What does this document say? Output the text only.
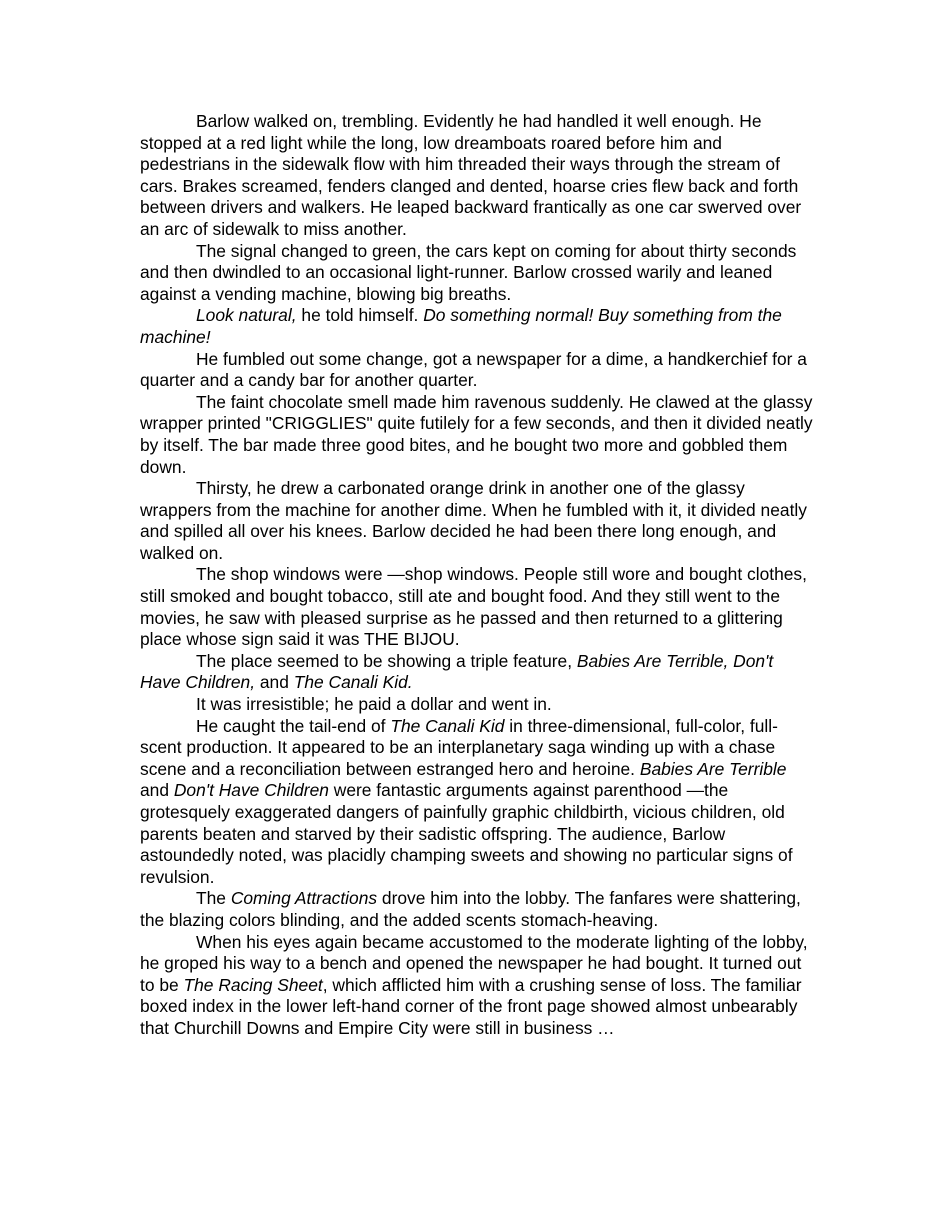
Barlow walked on, trembling. Evidently he had handled it well enough. He stopped at a red light while the long, low dreamboats roared before him and pedestrians in the sidewalk flow with him threaded their ways through the stream of cars. Brakes screamed, fenders clanged and dented, hoarse cries flew back and forth between drivers and walkers. He leaped backward frantically as one car swerved over an arc of sidewalk to miss another.

The signal changed to green, the cars kept on coming for about thirty seconds and then dwindled to an occasional light-runner. Barlow crossed warily and leaned against a vending machine, blowing big breaths.

Look natural, he told himself. Do something normal! Buy something from the machine!

He fumbled out some change, got a newspaper for a dime, a handkerchief for a quarter and a candy bar for another quarter.

The faint chocolate smell made him ravenous suddenly. He clawed at the glassy wrapper printed "CRIGGLIES" quite futilely for a few seconds, and then it divided neatly by itself. The bar made three good bites, and he bought two more and gobbled them down.

Thirsty, he drew a carbonated orange drink in another one of the glassy wrappers from the machine for another dime. When he fumbled with it, it divided neatly and spilled all over his knees. Barlow decided he had been there long enough, and walked on.

The shop windows were —shop windows. People still wore and bought clothes, still smoked and bought tobacco, still ate and bought food. And they still went to the movies, he saw with pleased surprise as he passed and then returned to a glittering place whose sign said it was THE BIJOU.

The place seemed to be showing a triple feature, Babies Are Terrible, Don't Have Children, and The Canali Kid.

It was irresistible; he paid a dollar and went in.

He caught the tail-end of The Canali Kid in three-dimensional, full-color, full-scent production. It appeared to be an interplanetary saga winding up with a chase scene and a reconciliation between estranged hero and heroine. Babies Are Terrible and Don't Have Children were fantastic arguments against parenthood —the grotesquely exaggerated dangers of painfully graphic childbirth, vicious children, old parents beaten and starved by their sadistic offspring. The audience, Barlow astoundedly noted, was placidly champing sweets and showing no particular signs of revulsion.

The Coming Attractions drove him into the lobby. The fanfares were shattering, the blazing colors blinding, and the added scents stomach-heaving.

When his eyes again became accustomed to the moderate lighting of the lobby, he groped his way to a bench and opened the newspaper he had bought. It turned out to be The Racing Sheet, which afflicted him with a crushing sense of loss. The familiar boxed index in the lower left-hand corner of the front page showed almost unbearably that Churchill Downs and Empire City were still in business …
